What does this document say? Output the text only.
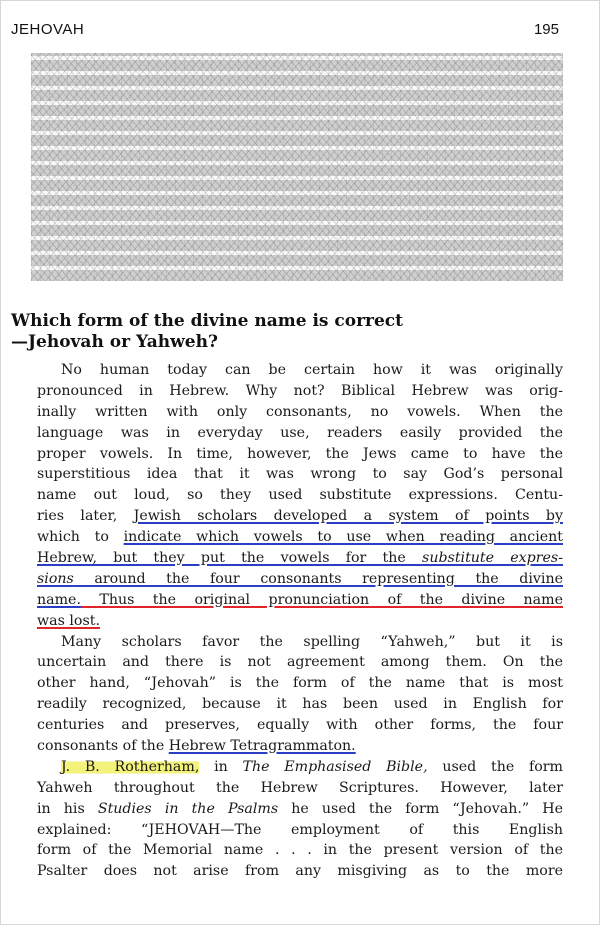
JEHOVAH	195
Which form of the divine name is correct
—Jehovah or Yahweh?
No human today can be certain how it was originally
pronounced in Hebrew. Why not? Biblical Hebrew was orig-
inally written with only consonants, no vowels. When the
language was in everyday use, readers easily provided the
proper vowels. In time, however, the Jews came to have the
superstitious idea that it was wrong to say God’s personal
name out loud, so they used substitute expressions. Centu-
ries later, Jewish scholars developed a system of points by
which to indicate which vowels to use when reading ancient
Hebrew, but they put the vowels for the substitute expres-
sions around the four consonants representing the divine
name. Thus the original pronunciation of the divine name
was lost.
Many scholars favor the spelling “Yahweh,” but it is
uncertain and there is not agreement among them. On the
other hand, “Jehovah” is the form of the name that is most
readily recognized, because it has been used in English for
centuries and preserves, equally with other forms, the four
consonants of the Hebrew Tetragrammaton.
J. B. Rotherham, in The Emphasised Bible, used the form
Yahweh throughout the Hebrew Scriptures. However, later
in his Studies in the Psalms he used the form “Jehovah.” He
explained: “JEHOVAH—The employment of this English
form of the Memorial name . . . in the present version of the
Psalter does not arise from any misgiving as to the more
